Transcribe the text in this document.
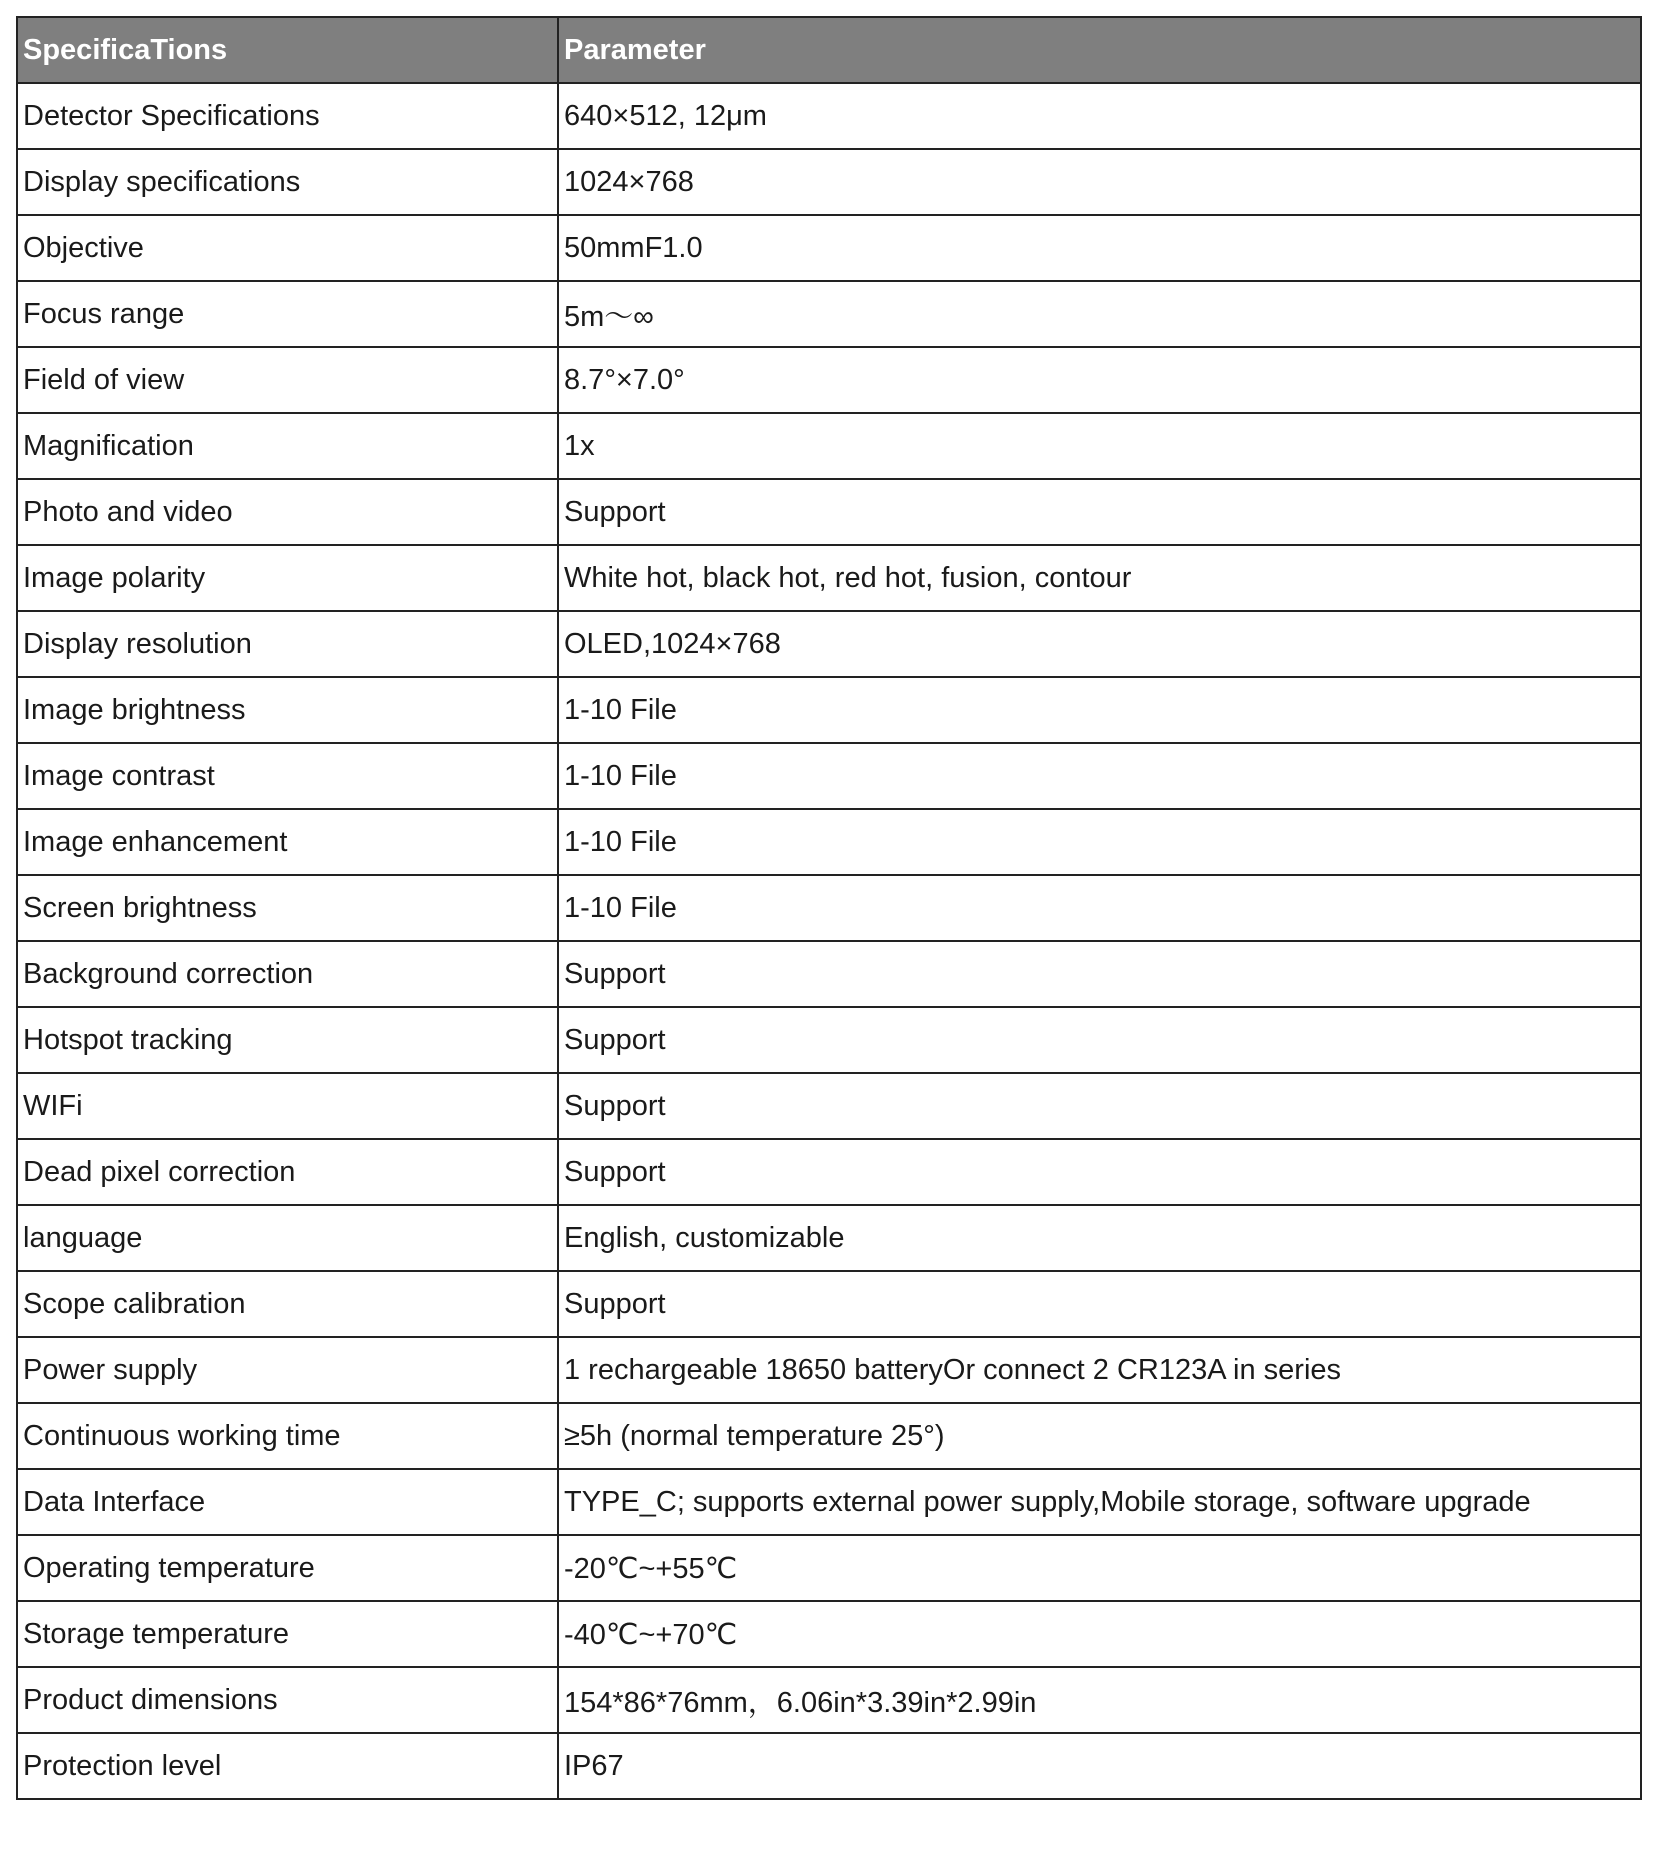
SpecificaTions	Parameter
Detector Specifications	640×512, 12μm
Display specifications	1024×768
Objective	50mmF1.0
Focus range	5m～∞
Field of view	8.7°×7.0°
Magnification	1x
Photo and video	Support
Image polarity	White hot, black hot, red hot, fusion, contour
Display resolution	OLED,1024×768
Image brightness	1-10 File
Image contrast	1-10 File
Image enhancement	1-10 File
Screen brightness	1-10 File
Background correction	Support
Hotspot tracking	Support
WIFi	Support
Dead pixel correction	Support
language	English, customizable
Scope calibration	Support
Power supply	1 rechargeable 18650 batteryOr connect 2 CR123A in series
Continuous working time	≥5h (normal temperature 25°)
Data Interface	TYPE_C; supports external power supply,Mobile storage, software upgrade
Operating temperature	-20℃~+55℃
Storage temperature	-40℃~+70℃
Product dimensions	154*86*76mm，6.06in*3.39in*2.99in
Protection level	IP67
